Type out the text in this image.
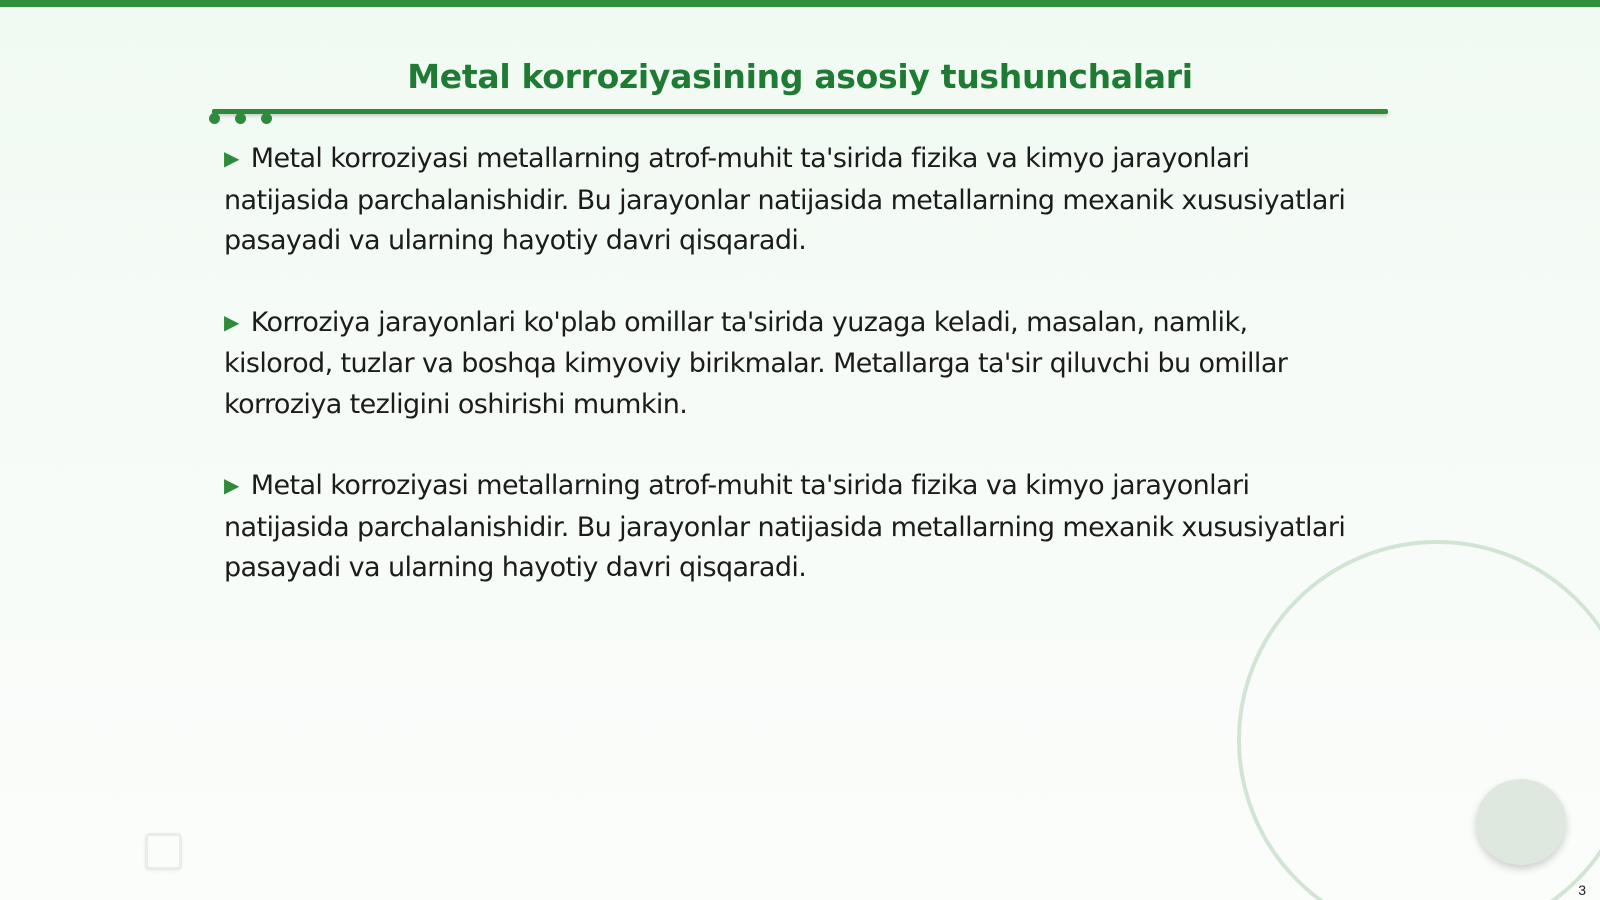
Metal korroziyasining asosiy tushunchalari

▶ Metal korroziyasi metallarning atrof-muhit ta'sirida fizika va kimyo jarayonlari natijasida parchalanishidir. Bu jarayonlar natijasida metallarning mexanik xususiyatlari pasayadi va ularning hayotiy davri qisqaradi.

▶ Korroziya jarayonlari ko'plab omillar ta'sirida yuzaga keladi, masalan, namlik, kislorod, tuzlar va boshqa kimyoviy birikmalar. Metallarga ta'sir qiluvchi bu omillar korroziya tezligini oshirishi mumkin.

▶ Metal korroziyasi metallarning atrof-muhit ta'sirida fizika va kimyo jarayonlari natijasida parchalanishidir. Bu jarayonlar natijasida metallarning mexanik xususiyatlari pasayadi va ularning hayotiy davri qisqaradi.

3
